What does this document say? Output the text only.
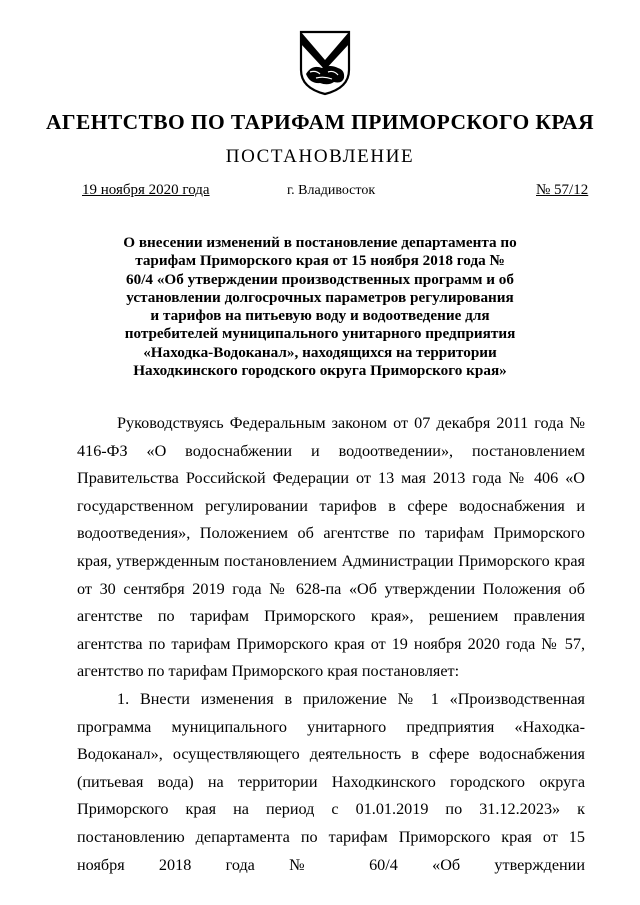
АГЕНТСТВО ПО ТАРИФАМ ПРИМОРСКОГО КРАЯ
ПОСТАНОВЛЕНИЕ
19 ноября 2020 года	г. Владивосток	№ 57/12
О внесении изменений в постановление департамента по тарифам Приморского края от 15 ноября 2018 года № 60/4 «Об утверждении производственных программ и об установлении долгосрочных параметров регулирования и тарифов на питьевую воду и водоотведение для потребителей муниципального унитарного предприятия «Находка-Водоканал», находящихся на территории Находкинского городского округа Приморского края»

Руководствуясь Федеральным законом от 07 декабря 2011 года № 416-ФЗ «О водоснабжении и водоотведении», постановлением Правительства Российской Федерации от 13 мая 2013 года № 406 «О государственном регулировании тарифов в сфере водоснабжения и водоотведения», Положением об агентстве по тарифам Приморского края, утвержденным постановлением Администрации Приморского края от 30 сентября 2019 года № 628-па «Об утверждении Положения об агентстве по тарифам Приморского края», решением правления агентства по тарифам Приморского края от 19 ноября 2020 года № 57, агентство по тарифам Приморского края постановляет:

1. Внести изменения в приложение № 1 «Производственная программа муниципального унитарного предприятия «Находка-Водоканал», осуществляющего деятельность в сфере водоснабжения (питьевая вода) на территории Находкинского городского округа Приморского края на период с 01.01.2019 по 31.12.2023» к постановлению департамента по тарифам Приморского края от 15 ноября 2018 года № 60/4 «Об утверждении
